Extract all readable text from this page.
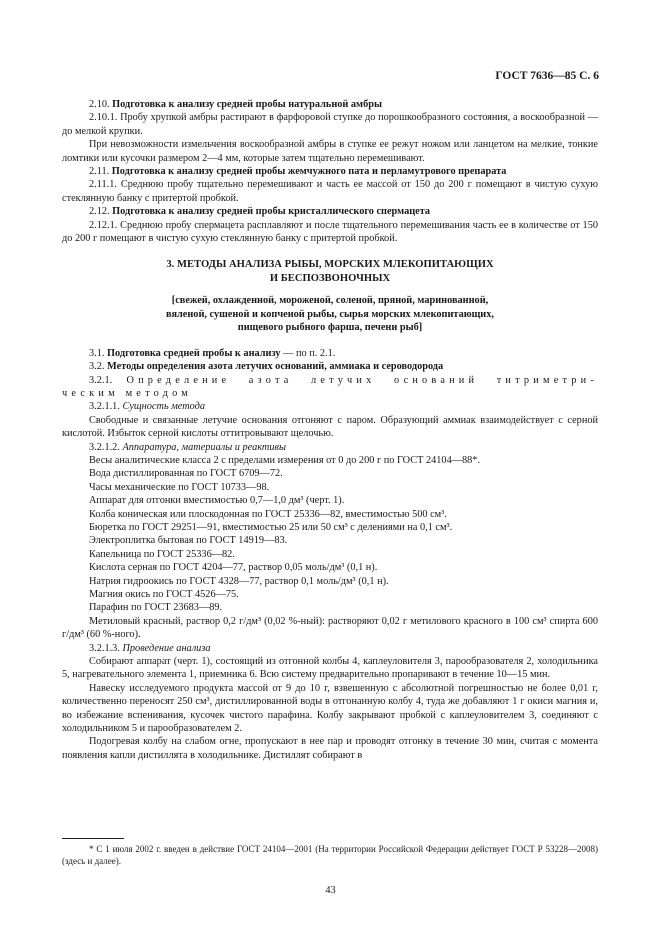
ГОСТ 7636—85 С. 6

2.10. Подготовка к анализу средней пробы натуральной амбры

2.10.1. Пробу хрупкой амбры растирают в фарфоровой ступке до порошкообразного состояния, а воскообразной — до мелкой крупки.

При невозможности измельчения воскообразной амбры в ступке ее режут ножом или ланцетом на мелкие, тонкие ломтики или кусочки размером 2—4 мм, которые затем тщательно перемешивают.

2.11. Подготовка к анализу средней пробы жемчужного пата и перламутрового препарата

2.11.1. Среднюю пробу тщательно перемешивают и часть ее массой от 150 до 200 г помещают в чистую сухую стеклянную банку с притертой пробкой.

2.12. Подготовка к анализу средней пробы кристаллического спермацета

2.12.1. Среднюю пробу спермацета расплавляют и после тщательного перемешивания часть ее в количестве от 150 до 200 г помещают в чистую сухую стеклянную банку с притертой пробкой.

3. МЕТОДЫ АНАЛИЗА РЫБЫ, МОРСКИХ МЛЕКОПИТАЮЩИХ
И БЕСПОЗВОНОЧНЫХ
[свежей, охлажденной, мороженой, соленой, пряной, маринованной,
вяленой, сушеной и копченой рыбы, сырья морских млекопитающих,
пищевого рыбного фарша, печени рыб]

3.1. Подготовка средней пробы к анализу — по п. 2.1.

3.2. Методы определения азота летучих оснований, аммиака и сероводорода

3.2.1. Определение азота летучих оснований титриметри-

ческим методом

3.2.1.1. Сущность метода

Свободные и связанные летучие основания отгоняют с паром. Образующий аммиак взаимодействует с серной кислотой. Избыток серной кислоты оттитровывают щелочью.

3.2.1.2. Аппаратура, материалы и реактивы

Весы аналитические класса 2 с пределами измерения от 0 до 200 г по ГОСТ 24104—88*.

Вода дистиллированная по ГОСТ 6709—72.

Часы механические по ГОСТ 10733—98.

Аппарат для отгонки вместимостью 0,7—1,0 дм³ (черт. 1).

Колба коническая или плоскодонная по ГОСТ 25336—82, вместимостью 500 см³.

Бюретка по ГОСТ 29251—91, вместимостью 25 или 50 см³ с делениями на 0,1 см³.

Электроплитка бытовая по ГОСТ 14919—83.

Капельница по ГОСТ 25336—82.

Кислота серная по ГОСТ 4204—77, раствор 0,05 моль/дм³ (0,1 н).

Натрия гидроокись по ГОСТ 4328—77, раствор 0,1 моль/дм³ (0,1 н).

Магния окись по ГОСТ 4526—75.

Парафин по ГОСТ 23683—89.

Метиловый красный, раствор 0,2 г/дм³ (0,02 %-ный): растворяют 0,02 г метилового красного в 100 см³ спирта 600 г/дм³ (60 %-ного).

3.2.1.3. Проведение анализа

Собирают аппарат (черт. 1), состоящий из отгонной колбы 4, каплеуловителя 3, парообразователя 2, холодильника 5, нагревательного элемента 1, приемника 6. Всю систему предварительно пропаривают в течение 10—15 мин.

Навеску исследуемого продукта массой от 9 до 10 г, взвешенную с абсолютной погрешностью не более 0,01 г, количественно переносят 250 см³, дистиллированной воды в отгонанную колбу 4, туда же добавляют 1 г окиси магния и, во избежание вспенивания, кусочек чистого парафина. Колбу закрывают пробкой с каплеуловителем 3, соединяют с холодильником 5 и парообразователем 2.

Подогревая колбу на слабом огне, пропускают в нее пар и проводят отгонку в течение 30 мин, считая с момента появления капли дистиллята в холодильнике. Дистиллят собирают в

* С 1 июля 2002 г. введен в действие ГОСТ 24104—2001 (На территории Российской Федерации действует ГОСТ Р 53228—2008) (здесь и далее).
43
